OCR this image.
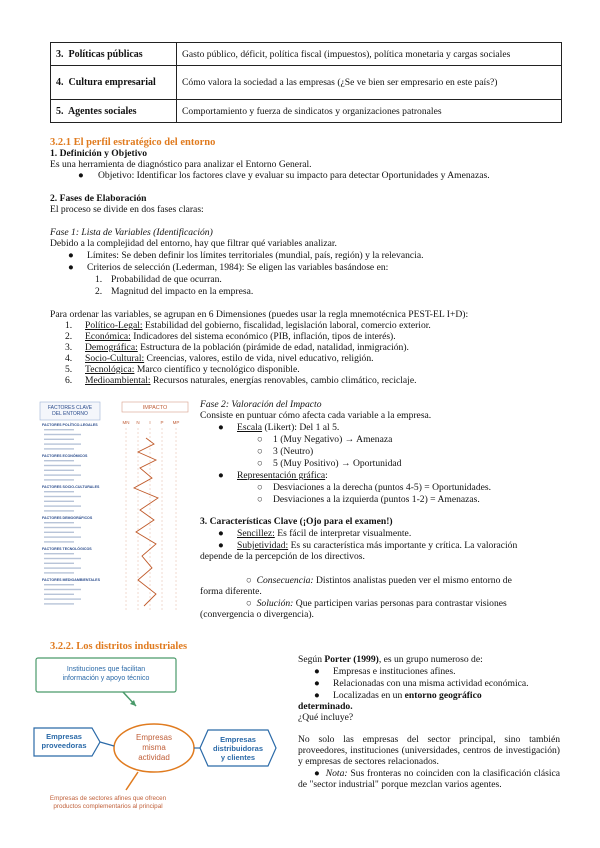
3. Políticas públicas	Gasto público, déficit, política fiscal (impuestos), política monetaria y cargas sociales
4. Cultura empresarial	Cómo valora la sociedad a las empresas (¿Se ve bien ser empresario en este país?)
5. Agentes sociales	Comportamiento y fuerza de sindicatos y organizaciones patronales
3.2.1 El perfil estratégico del entorno
1. Definición y Objetivo
Es una herramienta de diagnóstico para analizar el Entorno General.
● Objetivo: Identificar los factores clave y evaluar su impacto para detectar Oportunidades y Amenazas.
2. Fases de Elaboración
El proceso se divide en dos fases claras:
Fase 1: Lista de Variables (Identificación)
Debido a la complejidad del entorno, hay que filtrar qué variables analizar.
● Límites: Se deben definir los límites territoriales (mundial, país, región) y la relevancia.
● Criterios de selección (Lederman, 1984): Se eligen las variables basándose en:
1. Probabilidad de que ocurran.
2. Magnitud del impacto en la empresa.
Para ordenar las variables, se agrupan en 6 Dimensiones (puedes usar la regla mnemotécnica PEST-EL I+D):
1. Político-Legal: Estabilidad del gobierno, fiscalidad, legislación laboral, comercio exterior.
2. Económica: Indicadores del sistema económico (PIB, inflación, tipos de interés).
3. Demográfica: Estructura de la población (pirámide de edad, natalidad, inmigración).
4. Socio-Cultural: Creencias, valores, estilo de vida, nivel educativo, religión.
5. Tecnológica: Marco científico y tecnológico disponible.
6. Medioambiental: Recursos naturales, energías renovables, cambio climático, reciclaje.
FACTORES CLAVE DEL ENTORNO
IMPACTO
MN N I P MP
FACTORES POLÍTICO-LEGALES
FACTORES ECONÓMICOS
FACTORES SOCIO-CULTURALES
FACTORES DEMOGRÁFICOS
FACTORES TECNOLÓGICOS
FACTORES MEDIOAMBIENTALES
Fase 2: Valoración del Impacto
Consiste en puntuar cómo afecta cada variable a la empresa.
● Escala (Likert): Del 1 al 5.
○ 1 (Muy Negativo) → Amenaza
○ 3 (Neutro)
○ 5 (Muy Positivo) → Oportunidad
● Representación gráfica:
○ Desviaciones a la derecha (puntos 4-5) = Oportunidades.
○ Desviaciones a la izquierda (puntos 1-2) = Amenazas.
3. Características Clave (¡Ojo para el examen!)
● Sencillez: Es fácil de interpretar visualmente.
● Subjetividad: Es su característica más importante y crítica. La valoración
depende de la percepción de los directivos.
○  Consecuencia: Distintos analistas pueden ver el mismo entorno de
forma diferente.
○  Solución: Que participen varias personas para contrastar visiones
(convergencia o divergencia).
3.2.2. Los distritos industriales
Instituciones que facilitan información y apoyo técnico
Empresas proveedoras
Empresas misma actividad
Empresas distribuidoras y clientes
Empresas de sectores afines que ofrecen productos complementarios al principal
Según Porter (1999), es un grupo numeroso de:
● Empresas e instituciones afines.
● Relacionadas con una misma actividad económica.
● Localizadas en un entorno geográfico
determinado.
¿Qué incluye?
No solo las empresas del sector principal, sino también proveedores, instituciones (universidades, centros de investigación) y empresas de sectores relacionados.
●  Nota: Sus fronteras no coinciden con la clasificación clásica de "sector industrial" porque mezclan varios agentes.
